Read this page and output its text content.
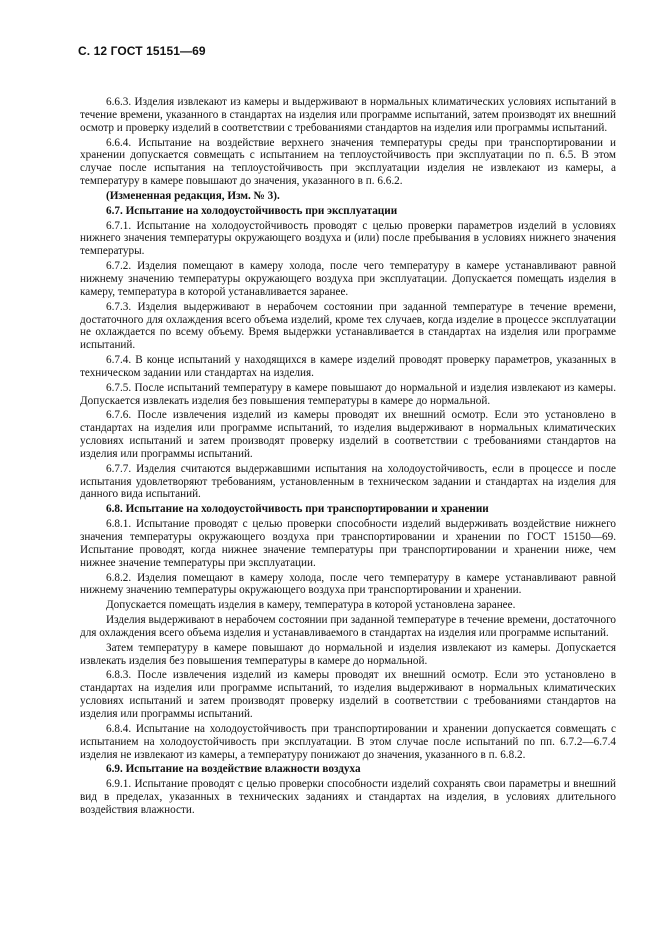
С. 12 ГОСТ 15151—69

6.6.3. Изделия извлекают из камеры и выдерживают в нормальных климатических условиях испытаний в течение времени, указанного в стандартах на изделия или программе испытаний, затем производят их внешний осмотр и проверку изделий в соответствии с требованиями стандартов на изделия или программы испытаний.

6.6.4. Испытание на воздействие верхнего значения температуры среды при транспортировании и хранении допускается совмещать с испытанием на теплоустойчивость при эксплуатации по п. 6.5. В этом случае после испытания на теплоустойчивость при эксплуатации изделия не извлекают из камеры, а температуру в камере повышают до значения, указанного в п. 6.6.2.

(Измененная редакция, Изм. № 3).

6.7. Испытание на холодоустойчивость при эксплуатации

6.7.1. Испытание на холодоустойчивость проводят с целью проверки параметров изделий в условиях нижнего значения температуры окружающего воздуха и (или) после пребывания в условиях нижнего значения температуры.

6.7.2. Изделия помещают в камеру холода, после чего температуру в камере устанавливают равной нижнему значению температуры окружающего воздуха при эксплуатации. Допускается помещать изделия в камеру, температура в которой устанавливается заранее.

6.7.3. Изделия выдерживают в нерабочем состоянии при заданной температуре в течение времени, достаточного для охлаждения всего объема изделий, кроме тех случаев, когда изделие в процессе эксплуатации не охлаждается по всему объему. Время выдержки устанавливается в стандартах на изделия или программе испытаний.

6.7.4. В конце испытаний у находящихся в камере изделий проводят проверку параметров, указанных в техническом задании или стандартах на изделия.

6.7.5. После испытаний температуру в камере повышают до нормальной и изделия извлекают из камеры. Допускается извлекать изделия без повышения температуры в камере до нормальной.

6.7.6. После извлечения изделий из камеры проводят их внешний осмотр. Если это установлено в стандартах на изделия или программе испытаний, то изделия выдерживают в нормальных климатических условиях испытаний и затем производят проверку изделий в соответствии с требованиями стандартов на изделия или программы испытаний.

6.7.7. Изделия считаются выдержавшими испытания на холодоустойчивость, если в процессе и после испытания удовлетворяют требованиям, установленным в техническом задании и стандартах на изделия для данного вида испытаний.

6.8. Испытание на холодоустойчивость при транспортировании и хранении

6.8.1. Испытание проводят с целью проверки способности изделий выдерживать воздействие нижнего значения температуры окружающего воздуха при транспортировании и хранении по ГОСТ 15150—69. Испытание проводят, когда нижнее значение температуры при транспортировании и хранении ниже, чем нижнее значение температуры при эксплуатации.

6.8.2. Изделия помещают в камеру холода, после чего температуру в камере устанавливают равной нижнему значению температуры окружающего воздуха при транспортировании и хранении.

Допускается помещать изделия в камеру, температура в которой установлена заранее.

Изделия выдерживают в нерабочем состоянии при заданной температуре в течение времени, достаточного для охлаждения всего объема изделия и устанавливаемого в стандартах на изделия или программе испытаний.

Затем температуру в камере повышают до нормальной и изделия извлекают из камеры. Допускается извлекать изделия без повышения температуры в камере до нормальной.

6.8.3. После извлечения изделий из камеры проводят их внешний осмотр. Если это установлено в стандартах на изделия или программе испытаний, то изделия выдерживают в нормальных климатических условиях испытаний и затем производят проверку изделий в соответствии с требованиями стандартов на изделия или программы испытаний.

6.8.4. Испытание на холодоустойчивость при транспортировании и хранении допускается совмещать с испытанием на холодоустойчивость при эксплуатации. В этом случае после испытаний по пп. 6.7.2—6.7.4 изделия не извлекают из камеры, а температуру понижают до значения, указанного в п. 6.8.2.

6.9. Испытание на воздействие влажности воздуха

6.9.1. Испытание проводят с целью проверки способности изделий сохранять свои параметры и внешний вид в пределах, указанных в технических заданиях и стандартах на изделия, в условиях длительного воздействия влажности.
